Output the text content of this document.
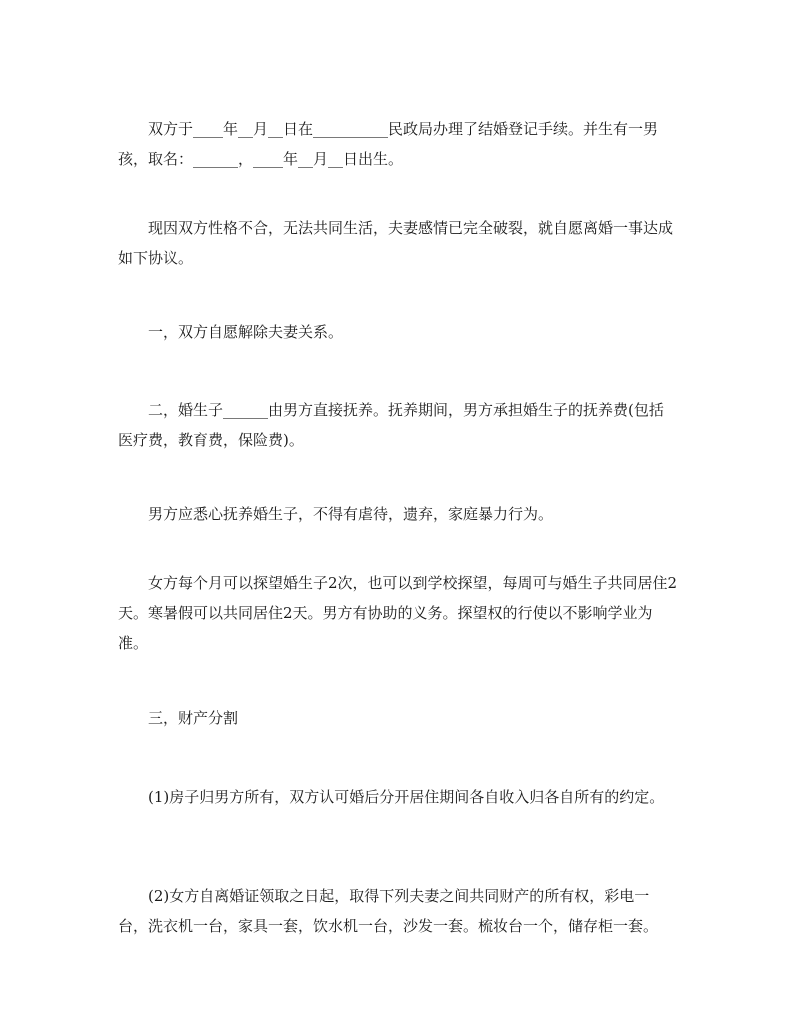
双方于____年__月__日在__________民政局办理了结婚登记手续。并生有一男孩，取名：______，____年__月__日出生。

现因双方性格不合，无法共同生活，夫妻感情已完全破裂，就自愿离婚一事达成如下协议。

一，双方自愿解除夫妻关系。

二，婚生子______由男方直接抚养。抚养期间，男方承担婚生子的抚养费(包括医疗费，教育费，保险费)。

男方应悉心抚养婚生子，不得有虐待，遗弃，家庭暴力行为。

女方每个月可以探望婚生子2次，也可以到学校探望，每周可与婚生子共同居住2天。寒暑假可以共同居住2天。男方有协助的义务。探望权的行使以不影响学业为准。

三，财产分割

(1)房子归男方所有，双方认可婚后分开居住期间各自收入归各自所有的约定。

(2)女方自离婚证领取之日起，取得下列夫妻之间共同财产的所有权，彩电一台，洗衣机一台，家具一套，饮水机一台，沙发一套。梳妆台一个，储存柜一套。
